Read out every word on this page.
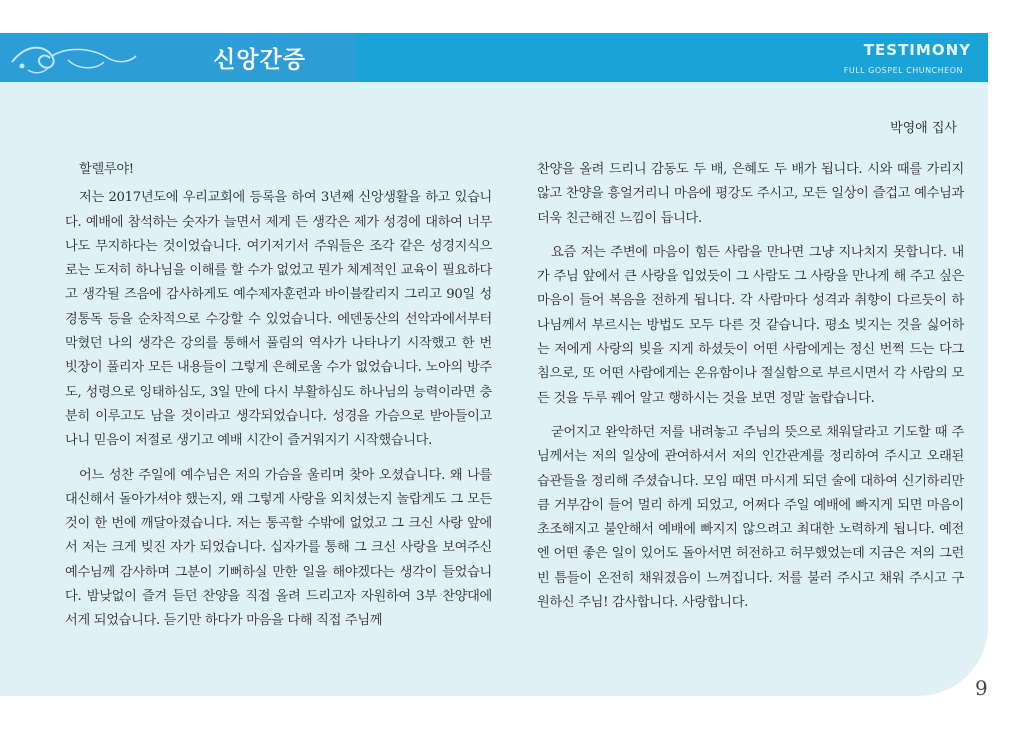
신앙간증	TESTIMONY
FULL GOSPEL CHUNCHEON
박영애 집사

할렐루야!

저는 2017년도에 우리교회에 등록을 하여 3년째 신앙생활을 하고 있습니다. 예배에 참석하는 숫자가 늘면서 제게 든 생각은 제가 성경에 대하여 너무나도 무지하다는 것이었습니다. 여기저기서 주워들은 조각 같은 성경지식으로는 도저히 하나님을 이해를 할 수가 없었고 뭔가 체계적인 교육이 필요하다고 생각될 즈음에 감사하게도 예수제자훈련과 바이블칼리지 그리고 90일 성경통독 등을 순차적으로 수강할 수 있었습니다. 에덴동산의 선악과에서부터 막혔던 나의 생각은 강의를 통해서 풀림의 역사가 나타나기 시작했고 한 번 빗장이 풀리자 모든 내용들이 그렇게 은혜로울 수가 없었습니다. 노아의 방주도, 성령으로 잉태하심도, 3일 만에 다시 부활하심도 하나님의 능력이라면 충분히 이루고도 남을 것이라고 생각되었습니다. 성경을 가슴으로 받아들이고 나니 믿음이 저절로 생기고 예배 시간이 즐거워지기 시작했습니다.

어느 성찬 주일에 예수님은 저의 가슴을 울리며 찾아 오셨습니다. 왜 나를 대신해서 돌아가셔야 했는지, 왜 그렇게 사랑을 외치셨는지 놀랍게도 그 모든 것이 한 번에 깨달아졌습니다. 저는 통곡할 수밖에 없었고 그 크신 사랑 앞에서 저는 크게 빚진 자가 되었습니다. 십자가를 통해 그 크신 사랑을 보여주신 예수님께 감사하며 그분이 기뻐하실 만한 일을 해야겠다는 생각이 들었습니다. 밤낮없이 즐겨 듣던 찬양을 직접 올려 드리고자 자원하여 3부 찬양대에 서게 되었습니다. 듣기만 하다가 마음을 다해 직접 주님께

찬양을 올려 드리니 감동도 두 배, 은혜도 두 배가 됩니다. 시와 때를 가리지 않고 찬양을 흥얼거리니 마음에 평강도 주시고, 모든 일상이 즐겁고 예수님과 더욱 친근해진 느낌이 듭니다.

요즘 저는 주변에 마음이 힘든 사람을 만나면 그냥 지나치지 못합니다. 내가 주님 앞에서 큰 사랑을 입었듯이 그 사람도 그 사랑을 만나게 해 주고 싶은 마음이 들어 복음을 전하게 됩니다. 각 사람마다 성격과 취향이 다르듯이 하나님께서 부르시는 방법도 모두 다른 것 같습니다. 평소 빚지는 것을 싫어하는 저에게 사랑의 빚을 지게 하셨듯이 어떤 사람에게는 정신 번쩍 드는 다그침으로, 또 어떤 사람에게는 온유함이나 절실함으로 부르시면서 각 사람의 모든 것을 두루 꿰어 알고 행하시는 것을 보면 정말 놀랍습니다.

굳어지고 완악하던 저를 내려놓고 주님의 뜻으로 채워달라고 기도할 때 주님께서는 저의 일상에 관여하셔서 저의 인간관계를 정리하여 주시고 오래된 습관들을 정리해 주셨습니다. 모임 때면 마시게 되던 술에 대하여 신기하리만큼 거부감이 들어 멀리 하게 되었고, 어쩌다 주일 예배에 빠지게 되면 마음이 초조해지고 불안해서 예배에 빠지지 않으려고 최대한 노력하게 됩니다. 예전엔 어떤 좋은 일이 있어도 돌아서면 허전하고 허무했었는데 지금은 저의 그런 빈 틈들이 온전히 채워졌음이 느껴집니다. 저를 불러 주시고 채워 주시고 구원하신 주님! 감사합니다. 사랑합니다.

9
